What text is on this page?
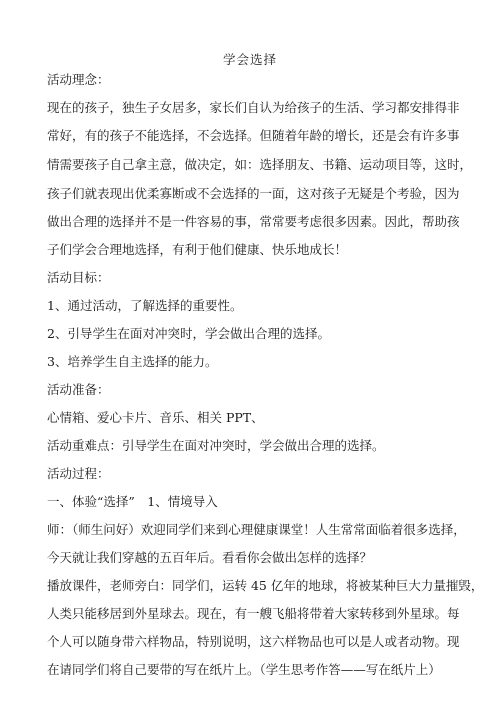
学会选择
活动理念：
现在的孩子，独生子女居多，家长们自认为给孩子的生活、学习都安排得非
常好，有的孩子不能选择，不会选择。但随着年龄的增长，还是会有许多事
情需要孩子自己拿主意，做决定，如：选择朋友、书籍、运动项目等，这时，
孩子们就表现出优柔寡断或不会选择的一面，这对孩子无疑是个考验，因为
做出合理的选择并不是一件容易的事，常常要考虑很多因素。因此，帮助孩
子们学会合理地选择，有利于他们健康、快乐地成长！
活动目标：
1、通过活动，了解选择的重要性。
2、引导学生在面对冲突时，学会做出合理的选择。
3、培养学生自主选择的能力。
活动准备：
心情箱、爱心卡片、音乐、相关 PPT、
活动重难点：引导学生在面对冲突时，学会做出合理的选择。
活动过程：
一、体验“选择”　1、情境导入
师：（师生问好）欢迎同学们来到心理健康课堂！人生常常面临着很多选择，
今天就让我们穿越的五百年后。看看你会做出怎样的选择？
播放课件，老师旁白：同学们，运转 45 亿年的地球，将被某种巨大力量摧毁，
人类只能移居到外星球去。现在，有一艘飞船将带着大家转移到外星球。每
个人可以随身带六样物品，特别说明，这六样物品也可以是人或者动物。现
在请同学们将自己要带的写在纸片上。（学生思考作答——写在纸片上）
